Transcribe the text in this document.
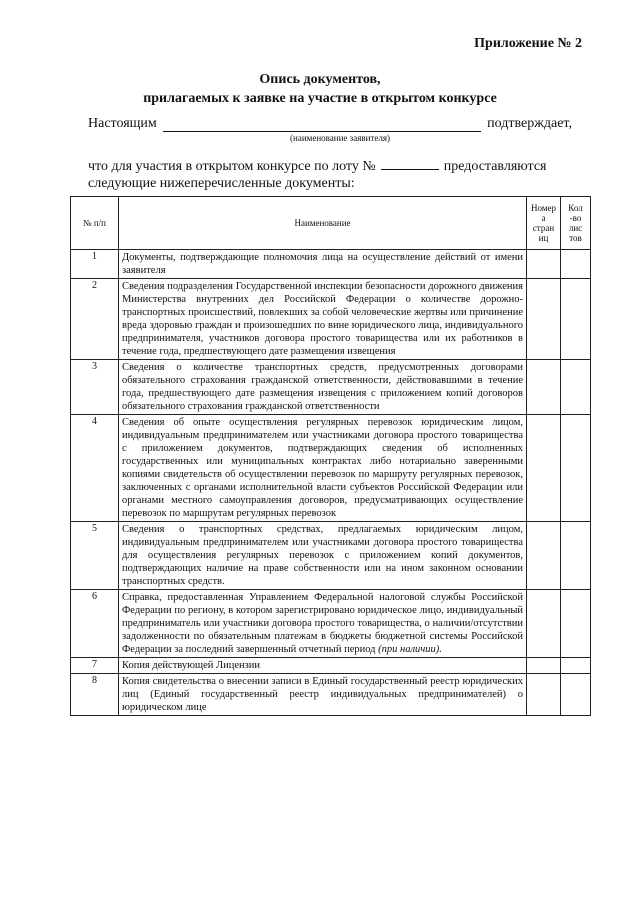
Приложение № 2
Опись документов,
прилагаемых к заявке на участие в открытом конкурсе
Настоящим	подтверждает,
(наименование заявителя)
что для участия в открытом конкурсе по лоту №	предоставляются
следующие нижеперечисленные документы:
№ п/п	Наименование	Номер а стран иц	Кол -во лис тов
1	Документы, подтверждающие полномочия лица на осуществление действий от имени заявителя		
2	Сведения подразделения Государственной инспекции безопасности дорожного движения Министерства внутренних дел Российской Федерации о количестве дорожно-транспортных происшествий, повлекших за собой человеческие жертвы или причинение вреда здоровью граждан и произошедших по вине юридического лица, индивидуального предпринимателя, участников договора простого товарищества или их работников в течение года, предшествующего дате размещения извещения		
3	Сведения о количестве транспортных средств, предусмотренных договорами обязательного страхования гражданской ответственности, действовавшими в течение года, предшествующего дате размещения извещения с приложением копий договоров обязательного страхования гражданской ответственности		
4	Сведения об опыте осуществления регулярных перевозок юридическим лицом, индивидуальным предпринимателем или участниками договора простого товарищества с приложением документов, подтверждающих сведения об исполненных государственных или муниципальных контрактах либо нотариально заверенными копиями свидетельств об осуществлении перевозок по маршруту регулярных перевозок, заключенных с органами исполнительной власти субъектов Российской Федерации или органами местного самоуправления договоров, предусматривающих осуществление перевозок по маршрутам регулярных перевозок		
5	Сведения о транспортных средствах, предлагаемых юридическим лицом, индивидуальным предпринимателем или участниками договора простого товарищества для осуществления регулярных перевозок с приложением копий документов, подтверждающих наличие на праве собственности или на ином законном основании транспортных средств.		
6	Справка, предоставленная Управлением Федеральной налоговой службы Российской Федерации по региону, в котором зарегистрировано юридическое лицо, индивидуальный предприниматель или участники договора простого товарищества, о наличии/отсутствии задолженности по обязательным платежам в бюджеты бюджетной системы Российской Федерации за последний завершенный отчетный период (при наличии).		
7	Копия действующей Лицензии		
8	Копия свидетельства о внесении записи в Единый государственный реестр юридических лиц (Единый государственный реестр индивидуальных предпринимателей) о юридическом лице		
